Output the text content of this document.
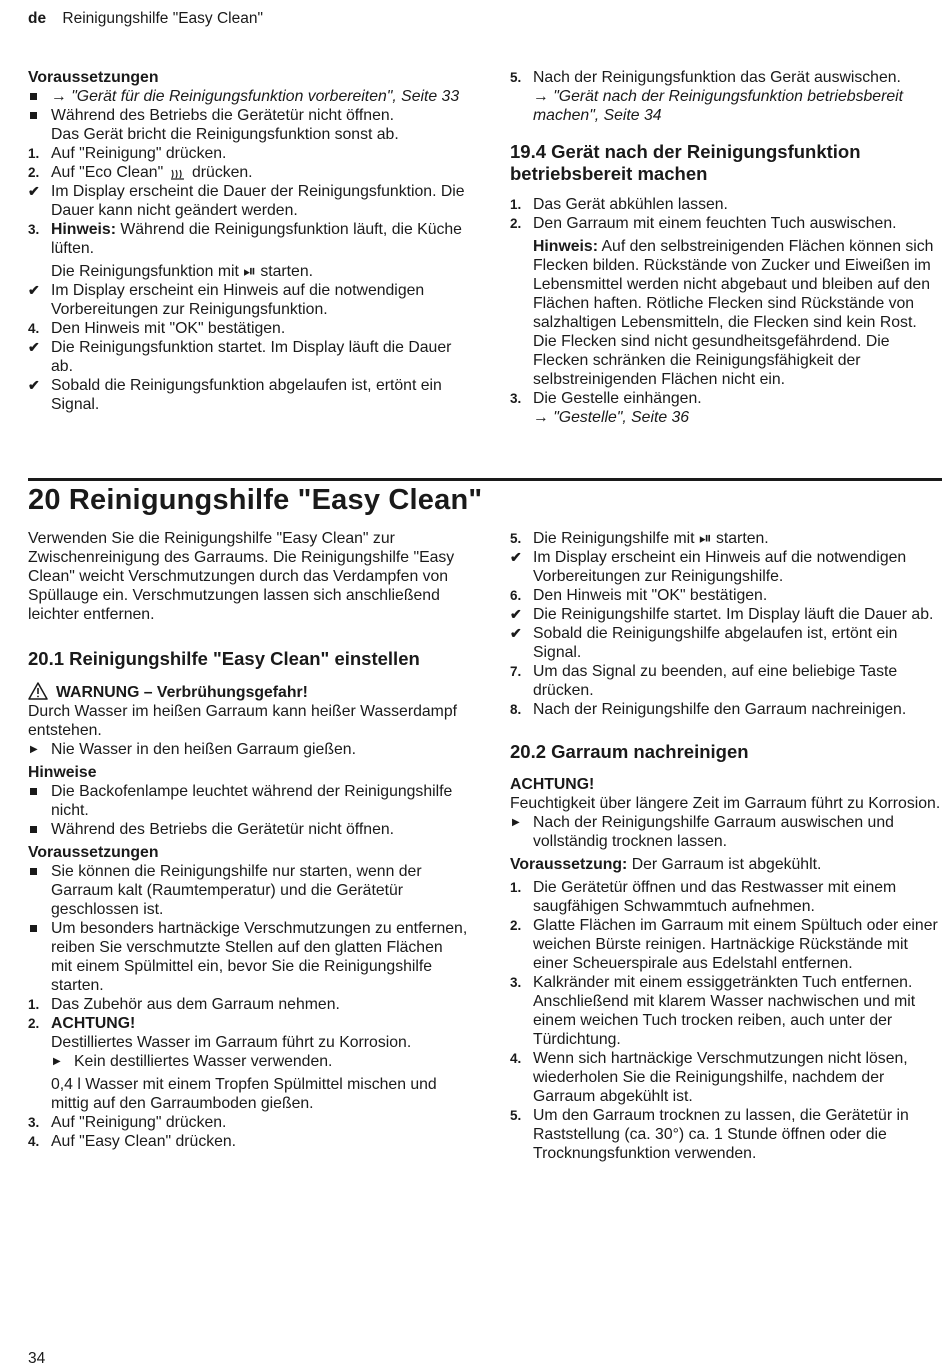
de Reinigungshilfe "Easy Clean"
Voraussetzungen
→ "Gerät für die Reinigungsfunktion vorbereiten", Seite 33
Während des Betriebs die Gerätetür nicht öffnen.
Das Gerät bricht die Reinigungsfunktion sonst ab.
1. Auf "Reinigung" drücken.
2. Auf "Eco Clean" drücken.
✔ Im Display erscheint die Dauer der Reinigungsfunktion. Die Dauer kann nicht geändert werden.
3. Hinweis: Während die Reinigungsfunktion läuft, die Küche lüften.
Die Reinigungsfunktion mit ⏯ starten.
✔ Im Display erscheint ein Hinweis auf die notwendigen Vorbereitungen zur Reinigungsfunktion.
4. Den Hinweis mit "OK" bestätigen.
✔ Die Reinigungsfunktion startet. Im Display läuft die Dauer ab.
✔ Sobald die Reinigungsfunktion abgelaufen ist, ertönt ein Signal.
5. Nach der Reinigungsfunktion das Gerät auswischen.
→ "Gerät nach der Reinigungsfunktion betriebsbereit machen", Seite 34
19.4 Gerät nach der Reinigungsfunktion betriebsbereit machen
1. Das Gerät abkühlen lassen.
2. Den Garraum mit einem feuchten Tuch auswischen.
Hinweis: Auf den selbstreinigenden Flächen können sich Flecken bilden. Rückstände von Zucker und Eiweißen im Lebensmittel werden nicht abgebaut und bleiben auf den Flächen haften. Rötliche Flecken sind Rückstände von salzhaltigen Lebensmitteln, die Flecken sind kein Rost. Die Flecken sind nicht gesundheitsgefährdend. Die Flecken schränken die Reinigungsfähigkeit der selbstreinigenden Flächen nicht ein.
3. Die Gestelle einhängen.
→ "Gestelle", Seite 36
20 Reinigungshilfe "Easy Clean"
Verwenden Sie die Reinigungshilfe "Easy Clean" zur Zwischenreinigung des Garraums. Die Reinigungshilfe "Easy Clean" weicht Verschmutzungen durch das Verdampfen von Spüllauge ein. Verschmutzungen lassen sich anschließend leichter entfernen.
20.1 Reinigungshilfe "Easy Clean" einstellen
WARNUNG – Verbrühungsgefahr!
Durch Wasser im heißen Garraum kann heißer Wasserdampf entstehen.
▶ Nie Wasser in den heißen Garraum gießen.
Hinweise
Die Backofenlampe leuchtet während der Reinigungshilfe nicht.
Während des Betriebs die Gerätetür nicht öffnen.
Voraussetzungen
Sie können die Reinigungshilfe nur starten, wenn der Garraum kalt (Raumtemperatur) und die Gerätetür geschlossen ist.
Um besonders hartnäckige Verschmutzungen zu entfernen, reiben Sie verschmutzte Stellen auf den glatten Flächen mit einem Spülmittel ein, bevor Sie die Reinigungshilfe starten.
1. Das Zubehör aus dem Garraum nehmen.
2. ACHTUNG!
Destilliertes Wasser im Garraum führt zu Korrosion.
▶ Kein destilliertes Wasser verwenden.
0,4 l Wasser mit einem Tropfen Spülmittel mischen und mittig auf den Garraumboden gießen.
3. Auf "Reinigung" drücken.
4. Auf "Easy Clean" drücken.
5. Die Reinigungshilfe mit ⏯ starten.
✔ Im Display erscheint ein Hinweis auf die notwendigen Vorbereitungen zur Reinigungshilfe.
6. Den Hinweis mit "OK" bestätigen.
✔ Die Reinigungshilfe startet. Im Display läuft die Dauer ab.
✔ Sobald die Reinigungshilfe abgelaufen ist, ertönt ein Signal.
7. Um das Signal zu beenden, auf eine beliebige Taste drücken.
8. Nach der Reinigungshilfe den Garraum nachreinigen.
20.2 Garraum nachreinigen
ACHTUNG!
Feuchtigkeit über längere Zeit im Garraum führt zu Korrosion.
▶ Nach der Reinigungshilfe Garraum auswischen und vollständig trocknen lassen.
Voraussetzung: Der Garraum ist abgekühlt.
1. Die Gerätetür öffnen und das Restwasser mit einem saugfähigen Schwammtuch aufnehmen.
2. Glatte Flächen im Garraum mit einem Spültuch oder einer weichen Bürste reinigen. Hartnäckige Rückstände mit einer Scheuerspirale aus Edelstahl entfernen.
3. Kalkränder mit einem essiggetränkten Tuch entfernen. Anschließend mit klarem Wasser nachwischen und mit einem weichen Tuch trocken reiben, auch unter der Türdichtung.
4. Wenn sich hartnäckige Verschmutzungen nicht lösen, wiederholen Sie die Reinigungshilfe, nachdem der Garraum abgekühlt ist.
5. Um den Garraum trocknen zu lassen, die Gerätetür in Raststellung (ca. 30°) ca. 1 Stunde öffnen oder die Trocknungsfunktion verwenden.
34
